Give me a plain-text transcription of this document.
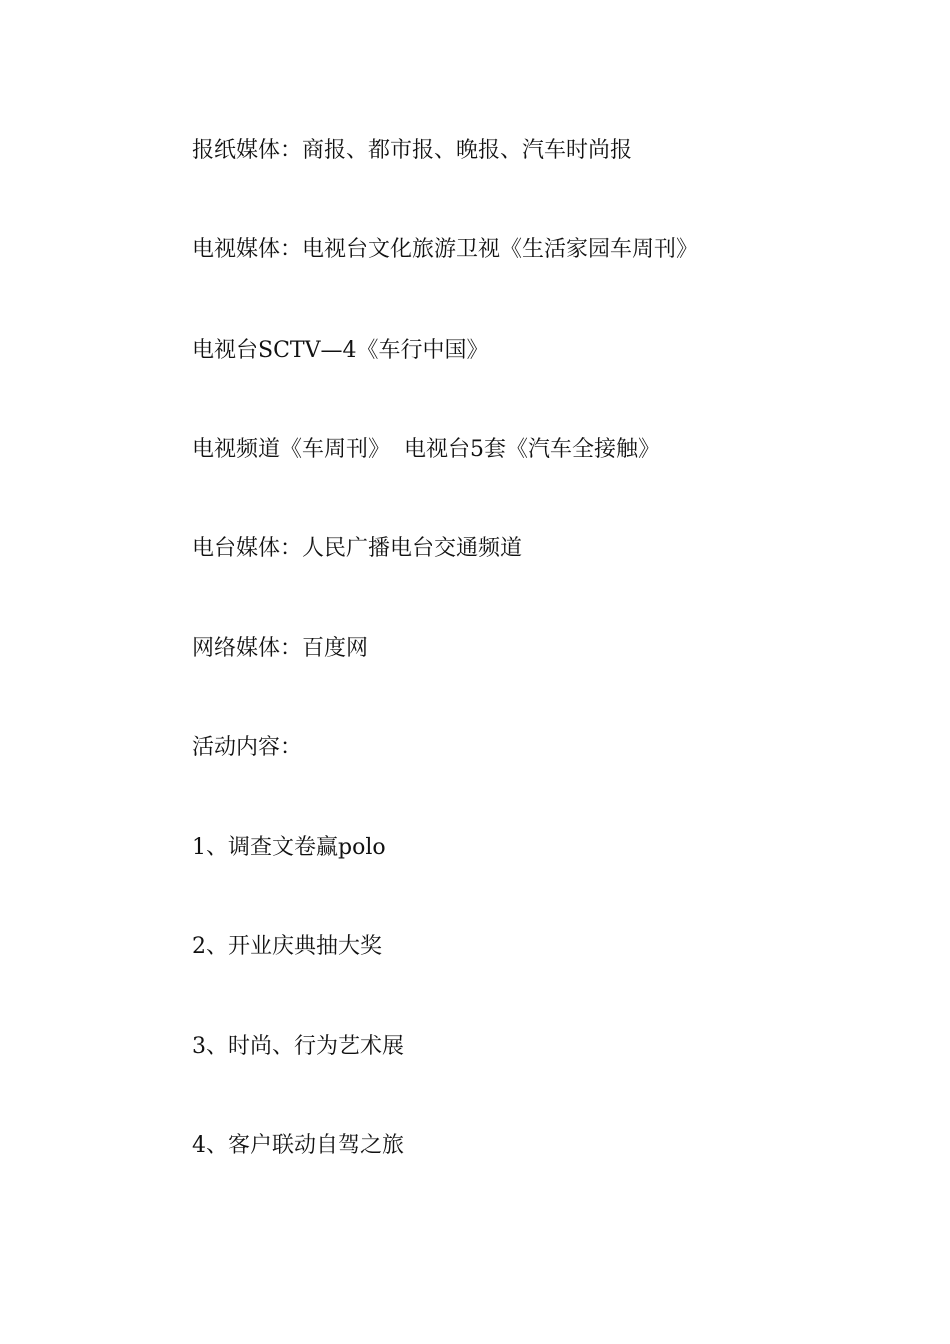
报纸媒体：商报、都市报、晚报、汽车时尚报
电视媒体：电视台文化旅游卫视《生活家园车周刊》
电视台SCTV—4《车行中国》
电视频道《车周刊》  电视台5套《汽车全接触》
电台媒体：人民广播电台交通频道
网络媒体：百度网
活动内容：
1、调查文卷赢polo
2、开业庆典抽大奖
3、时尚、行为艺术展
4、客户联动自驾之旅
